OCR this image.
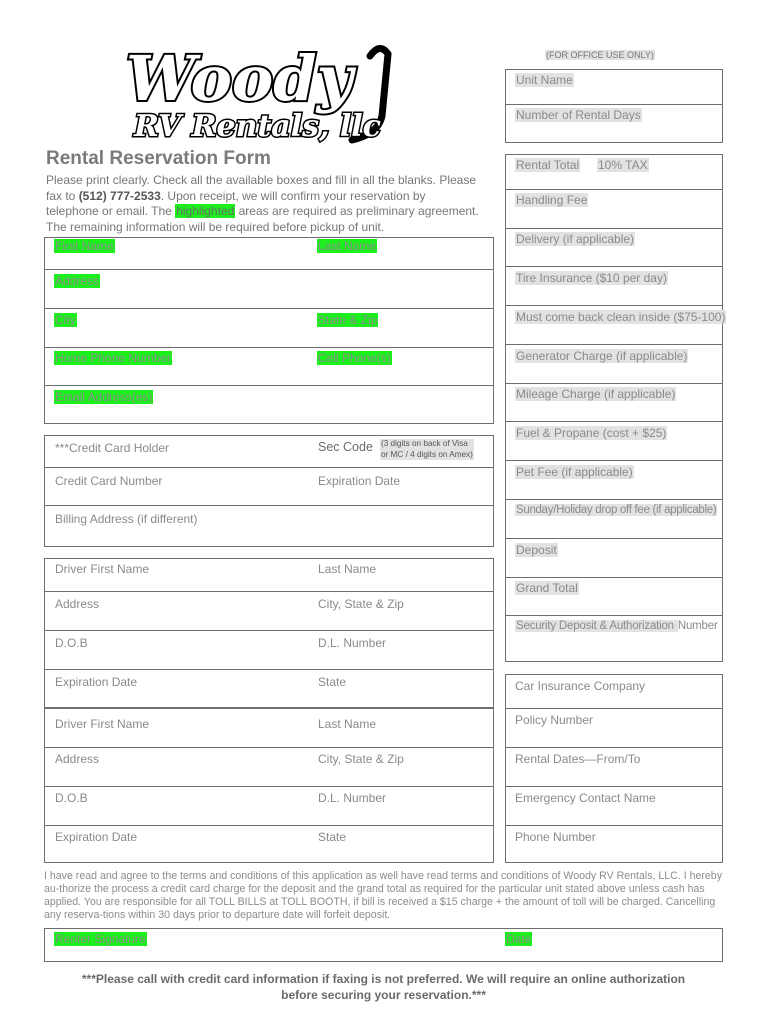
Woody
RV Rentals, llc
Rental Reservation Form
Please print clearly. Check all the available boxes and fill in all the blanks. Please
fax to (512) 777-2533. Upon receipt, we will confirm your reservation by
telephone or email. The highlighted areas are required as preliminary agreement.
The remaining information will be required before pickup of unit.
(FOR OFFICE USE ONLY)
Unit Name
Number of Rental Days
Rental Total 10% TAX
Handling Fee
Delivery (if applicable)
Tire Insurance ($10 per day)
Must come back clean inside ($75-100)
Generator Charge (if applicable)
Mileage Charge (if applicable)
Fuel & Propane (cost + $25)
Pet Fee (if applicable)
Sunday/Holiday drop off fee (if applicable)
Deposit
Grand Total
Security Deposit & Authorization Number
First Name	Last Name
Address
City	State & Zip
Home Phone Number	Cell Phone(s)
Email Address(es)
***Credit Card Holder	Sec Code (3 digits on back of Visa
or MC / 4 digits on Amex)
Credit Card Number	Expiration Date
Billing Address (if different)
Driver First Name	Last Name
Address	City, State & Zip
D.O.B	D.L. Number
Expiration Date	State
Driver First Name	Last Name
Address	City, State & Zip
D.O.B	D.L. Number
Expiration Date	State
Car Insurance Company
Policy Number
Rental Dates—From/To
Emergency Contact Name
Phone Number
I have read and agree to the terms and conditions of this application as well have read terms and conditions of Woody RV Rentals, LLC. I hereby
au-thorize the process a credit card charge for the deposit and the grand total as required for the particular unit stated above unless cash has
applied. You are responsible for all TOLL BILLS at TOLL BOOTH, if bill is received a $15 charge + the amount of toll will be charged. Cancelling
any reserva-tions within 30 days prior to departure date will forfeit deposit.
Renter Signature	Date
***Please call with credit card information if faxing is not preferred. We will require an online authorization
before securing your reservation.***
